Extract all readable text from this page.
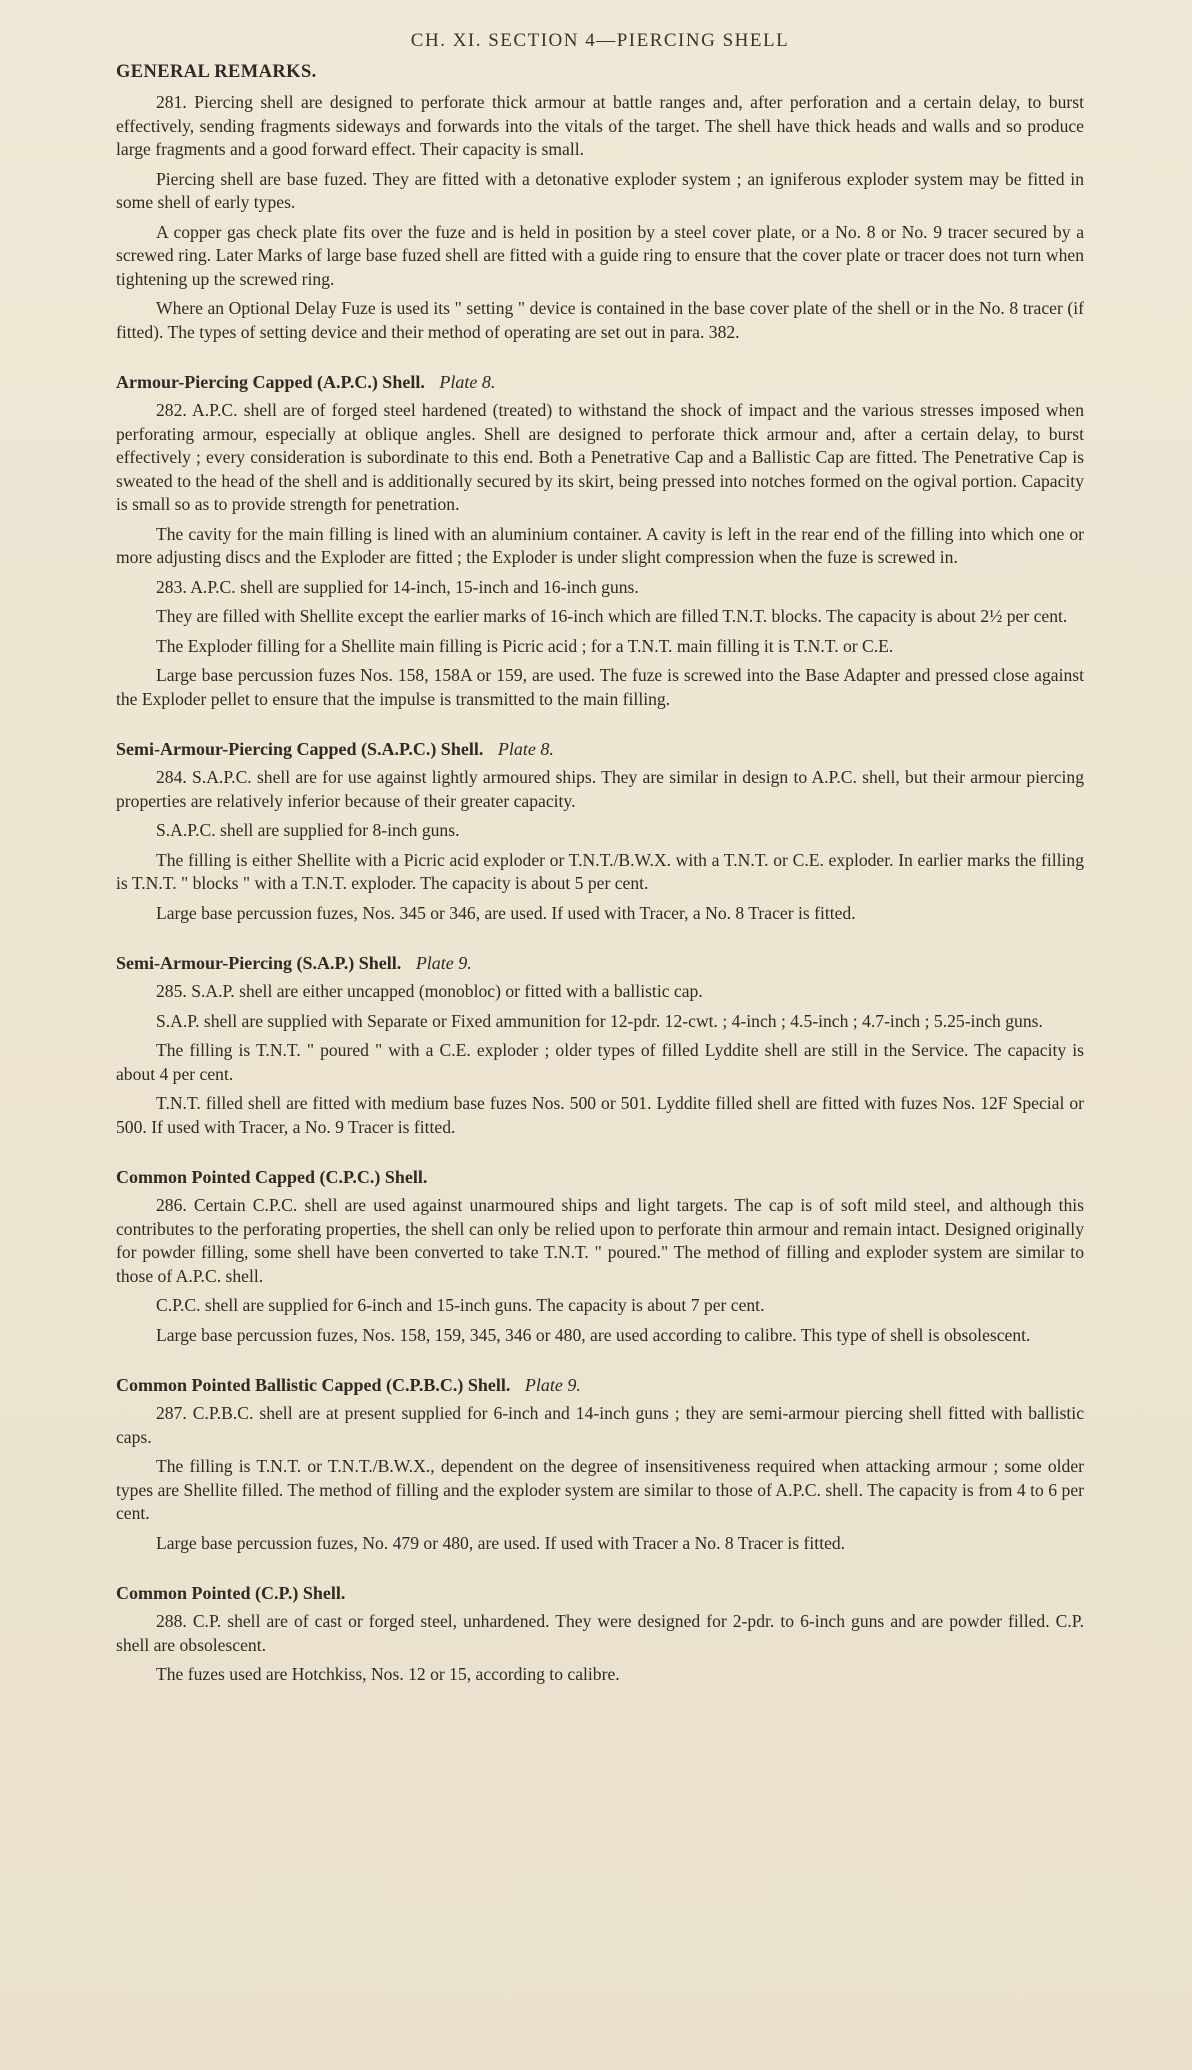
CH. XI. SECTION 4—PIERCING SHELL
GENERAL REMARKS.

281. Piercing shell are designed to perforate thick armour at battle ranges and, after perforation and a certain delay, to burst effectively, sending fragments sideways and forwards into the vitals of the target. The shell have thick heads and walls and so produce large fragments and a good forward effect. Their capacity is small.

Piercing shell are base fuzed. They are fitted with a detonative exploder system ; an igniferous exploder system may be fitted in some shell of early types.

A copper gas check plate fits over the fuze and is held in position by a steel cover plate, or a No. 8 or No. 9 tracer secured by a screwed ring. Later Marks of large base fuzed shell are fitted with a guide ring to ensure that the cover plate or tracer does not turn when tightening up the screwed ring.

Where an Optional Delay Fuze is used its " setting " device is contained in the base cover plate of the shell or in the No. 8 tracer (if fitted). The types of setting device and their method of operating are set out in para. 382.

Armour-Piercing Capped (A.P.C.) Shell. Plate 8.

282. A.P.C. shell are of forged steel hardened (treated) to withstand the shock of impact and the various stresses imposed when perforating armour, especially at oblique angles. Shell are designed to perforate thick armour and, after a certain delay, to burst effectively ; every consideration is subordinate to this end. Both a Penetrative Cap and a Ballistic Cap are fitted. The Penetrative Cap is sweated to the head of the shell and is additionally secured by its skirt, being pressed into notches formed on the ogival portion. Capacity is small so as to provide strength for penetration.

The cavity for the main filling is lined with an aluminium container. A cavity is left in the rear end of the filling into which one or more adjusting discs and the Exploder are fitted ; the Exploder is under slight compression when the fuze is screwed in.

283. A.P.C. shell are supplied for 14-inch, 15-inch and 16-inch guns.

They are filled with Shellite except the earlier marks of 16-inch which are filled T.N.T. blocks. The capacity is about 2½ per cent.

The Exploder filling for a Shellite main filling is Picric acid ; for a T.N.T. main filling it is T.N.T. or C.E.

Large base percussion fuzes Nos. 158, 158A or 159, are used. The fuze is screwed into the Base Adapter and pressed close against the Exploder pellet to ensure that the impulse is transmitted to the main filling.

Semi-Armour-Piercing Capped (S.A.P.C.) Shell. Plate 8.

284. S.A.P.C. shell are for use against lightly armoured ships. They are similar in design to A.P.C. shell, but their armour piercing properties are relatively inferior because of their greater capacity.

S.A.P.C. shell are supplied for 8-inch guns.

The filling is either Shellite with a Picric acid exploder or T.N.T./B.W.X. with a T.N.T. or C.E. exploder. In earlier marks the filling is T.N.T. " blocks " with a T.N.T. exploder. The capacity is about 5 per cent.

Large base percussion fuzes, Nos. 345 or 346, are used. If used with Tracer, a No. 8 Tracer is fitted.

Semi-Armour-Piercing (S.A.P.) Shell. Plate 9.

285. S.A.P. shell are either uncapped (monobloc) or fitted with a ballistic cap.

S.A.P. shell are supplied with Separate or Fixed ammunition for 12-pdr. 12-cwt. ; 4-inch ; 4.5-inch ; 4.7-inch ; 5.25-inch guns.

The filling is T.N.T. " poured " with a C.E. exploder ; older types of filled Lyddite shell are still in the Service. The capacity is about 4 per cent.

T.N.T. filled shell are fitted with medium base fuzes Nos. 500 or 501. Lyddite filled shell are fitted with fuzes Nos. 12F Special or 500. If used with Tracer, a No. 9 Tracer is fitted.

Common Pointed Capped (C.P.C.) Shell.

286. Certain C.P.C. shell are used against unarmoured ships and light targets. The cap is of soft mild steel, and although this contributes to the perforating properties, the shell can only be relied upon to perforate thin armour and remain intact. Designed originally for powder filling, some shell have been converted to take T.N.T. " poured." The method of filling and exploder system are similar to those of A.P.C. shell.

C.P.C. shell are supplied for 6-inch and 15-inch guns. The capacity is about 7 per cent.

Large base percussion fuzes, Nos. 158, 159, 345, 346 or 480, are used according to calibre. This type of shell is obsolescent.

Common Pointed Ballistic Capped (C.P.B.C.) Shell. Plate 9.

287. C.P.B.C. shell are at present supplied for 6-inch and 14-inch guns ; they are semi-armour piercing shell fitted with ballistic caps.

The filling is T.N.T. or T.N.T./B.W.X., dependent on the degree of insensitiveness required when attacking armour ; some older types are Shellite filled. The method of filling and the exploder system are similar to those of A.P.C. shell. The capacity is from 4 to 6 per cent.

Large base percussion fuzes, No. 479 or 480, are used. If used with Tracer a No. 8 Tracer is fitted.

Common Pointed (C.P.) Shell.

288. C.P. shell are of cast or forged steel, unhardened. They were designed for 2-pdr. to 6-inch guns and are powder filled. C.P. shell are obsolescent.

The fuzes used are Hotchkiss, Nos. 12 or 15, according to calibre.
